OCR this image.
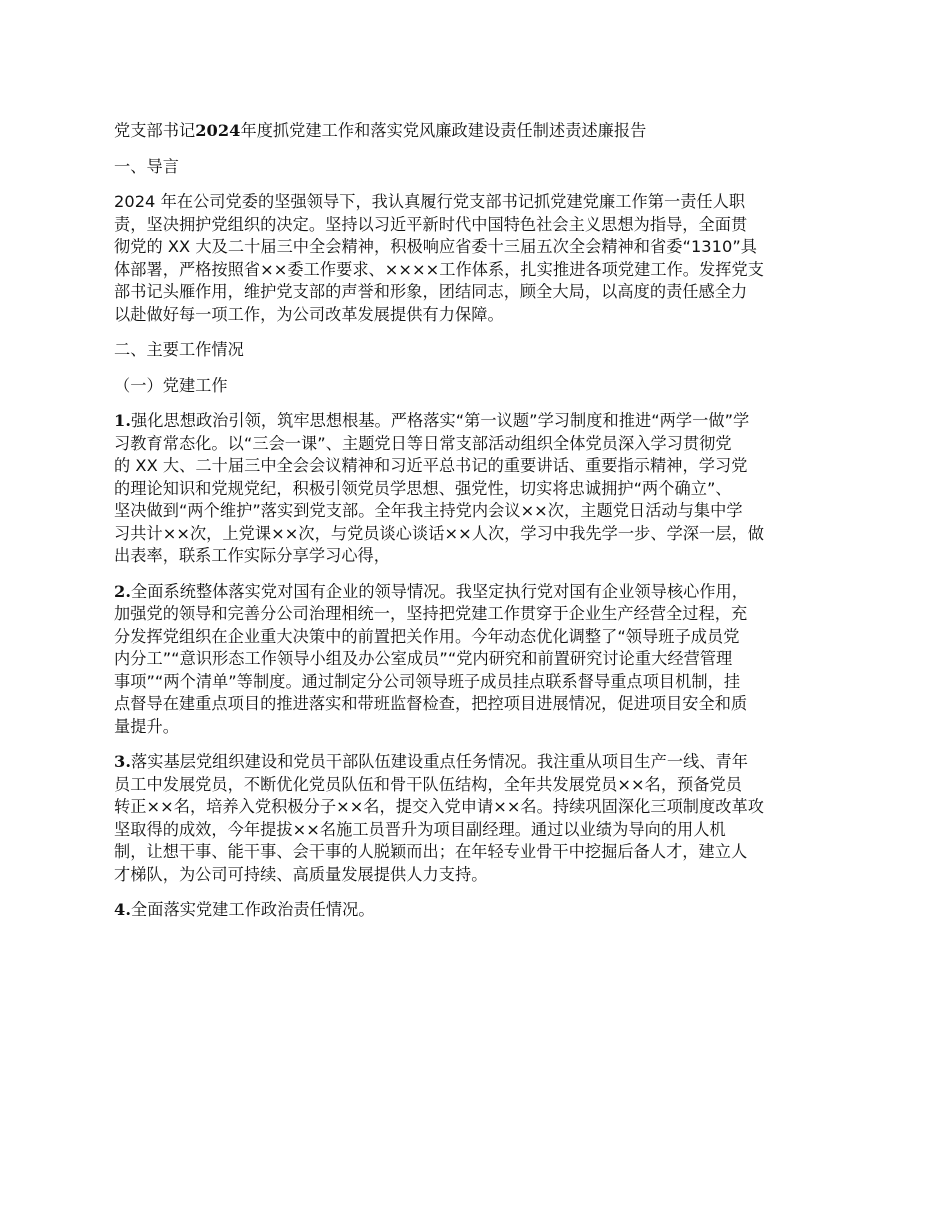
党支部书记2024年度抓党建工作和落实党风廉政建设责任制述责述廉报告
一、导言
2024 年在公司党委的坚强领导下，我认真履行党支部书记抓党建党廉工作第一责任人职
责，坚决拥护党组织的决定。坚持以习近平新时代中国特色社会主义思想为指导，全面贯
彻党的 XX 大及二十届三中全会精神，积极响应省委十三届五次全会精神和省委“1310”具
体部署，严格按照省××委工作要求、××××工作体系，扎实推进各项党建工作。发挥党支
部书记头雁作用，维护党支部的声誉和形象，团结同志，顾全大局，以高度的责任感全力
以赴做好每一项工作，为公司改革发展提供有力保障。
二、主要工作情况
（一）党建工作
1.强化思想政治引领，筑牢思想根基。严格落实“第一议题”学习制度和推进“两学一做”学
习教育常态化。以“三会一课”、主题党日等日常支部活动组织全体党员深入学习贯彻党
的 XX 大、二十届三中全会会议精神和习近平总书记的重要讲话、重要指示精神，学习党
的理论知识和党规党纪，积极引领党员学思想、强党性，切实将忠诚拥护“两个确立”、
坚决做到“两个维护”落实到党支部。全年我主持党内会议××次，主题党日活动与集中学
习共计××次，上党课××次，与党员谈心谈话××人次，学习中我先学一步、学深一层，做
出表率，联系工作实际分享学习心得，
2.全面系统整体落实党对国有企业的领导情况。我坚定执行党对国有企业领导核心作用，
加强党的领导和完善分公司治理相统一，坚持把党建工作贯穿于企业生产经营全过程，充
分发挥党组织在企业重大决策中的前置把关作用。今年动态优化调整了“领导班子成员党
内分工”“意识形态工作领导小组及办公室成员”“党内研究和前置研究讨论重大经营管理
事项”“两个清单”等制度。通过制定分公司领导班子成员挂点联系督导重点项目机制，挂
点督导在建重点项目的推进落实和带班监督检查，把控项目进展情况，促进项目安全和质
量提升。
3.落实基层党组织建设和党员干部队伍建设重点任务情况。我注重从项目生产一线、青年
员工中发展党员，不断优化党员队伍和骨干队伍结构，全年共发展党员××名，预备党员
转正××名，培养入党积极分子××名，提交入党申请××名。持续巩固深化三项制度改革攻
坚取得的成效，今年提拔××名施工员晋升为项目副经理。通过以业绩为导向的用人机
制，让想干事、能干事、会干事的人脱颖而出；在年轻专业骨干中挖掘后备人才，建立人
才梯队，为公司可持续、高质量发展提供人力支持。
4.全面落实党建工作政治责任情况。
